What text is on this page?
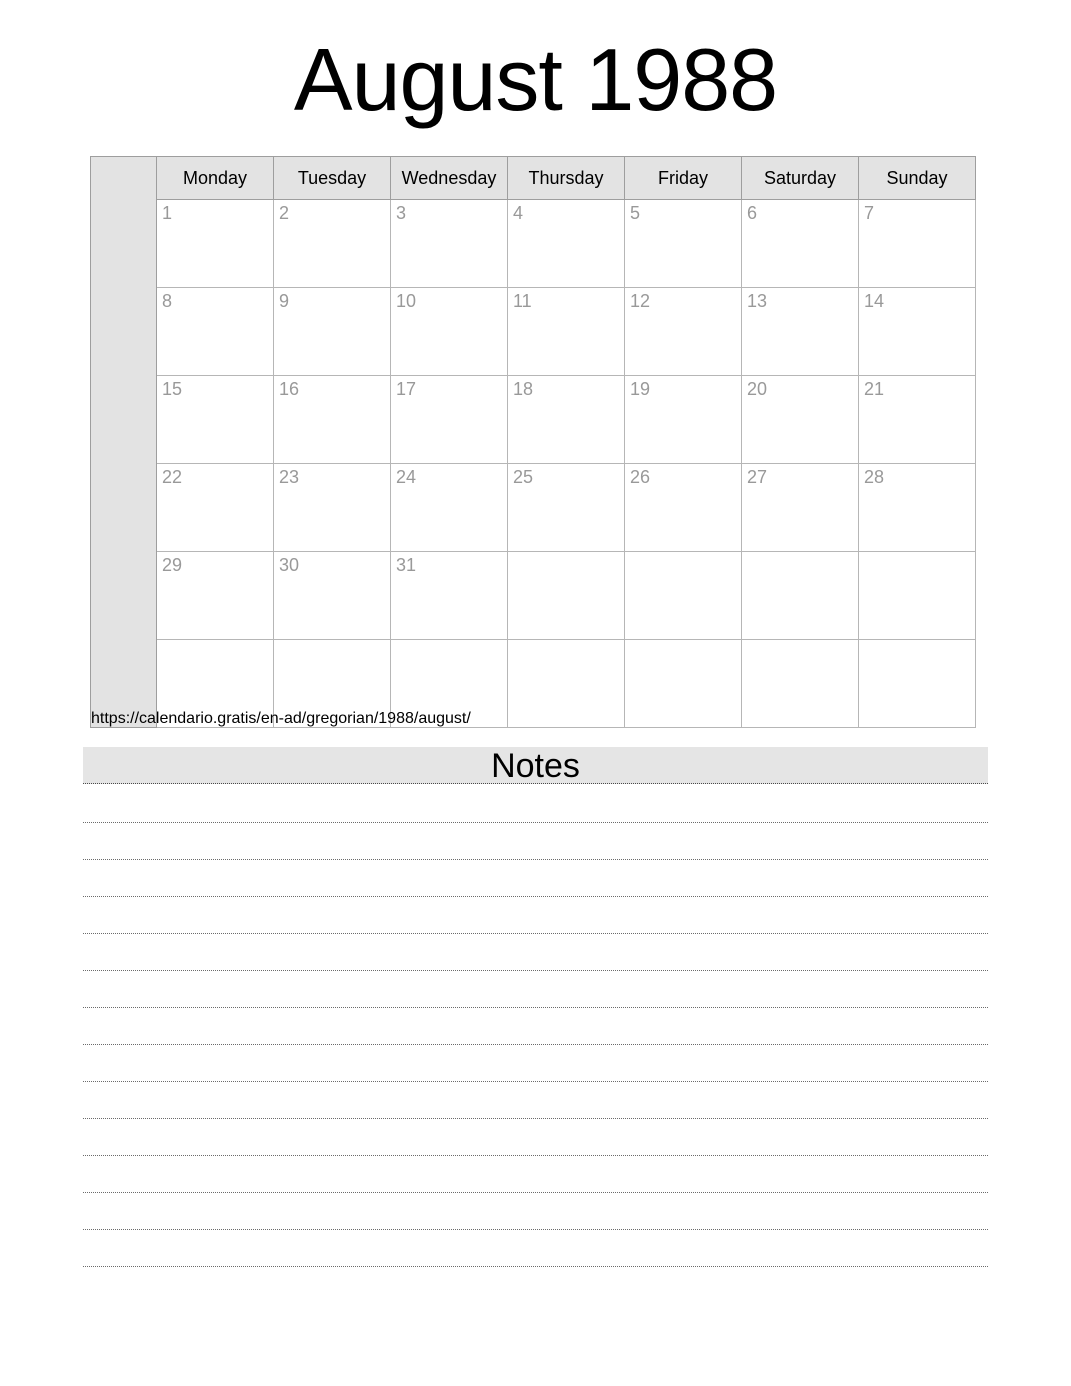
August 1988
	Monday	Tuesday	Wednesday	Thursday	Friday	Saturday	Sunday
	1	2	3	4	5	6	7
	8	9	10	11	12	13	14
	15	16	17	18	19	20	21
	22	23	24	25	26	27	28
	29	30	31				

https://calendario.gratis/en-ad/gregorian/1988/august/
Notes
